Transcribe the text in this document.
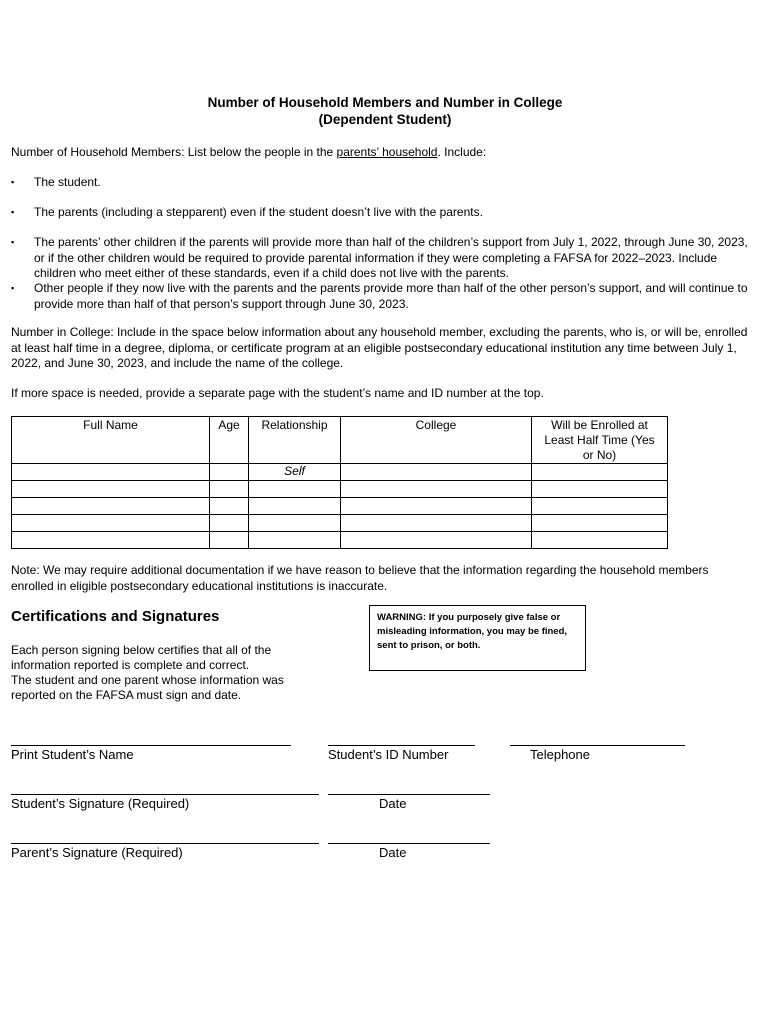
Number of Household Members and Number in College
(Dependent Student)
Number of Household Members: List below the people in the parents’ household. Include:
▪ The student.
▪ The parents (including a stepparent) even if the student doesn’t live with the parents.
▪ The parents’ other children if the parents will provide more than half of the children’s support from July 1, 2022, through June 30, 2023, or if the other children would be required to provide parental information if they were completing a FAFSA for 2022–2023. Include children who meet either of these standards, even if a child does not live with the parents.
▪ Other people if they now live with the parents and the parents provide more than half of the other person’s support, and will continue to provide more than half of that person’s support through June 30, 2023.
Number in College: Include in the space below information about any household member, excluding the parents, who is, or will be, enrolled at least half time in a degree, diploma, or certificate program at an eligible postsecondary educational institution any time between July 1, 2022, and June 30, 2023, and include the name of the college.
If more space is needed, provide a separate page with the student’s name and ID number at the top.
Full Name	Age	Relationship	College	Will be Enrolled at Least Half Time (Yes or No)
		Self		

Note: We may require additional documentation if we have reason to believe that the information regarding the household members enrolled in eligible postsecondary educational institutions is inaccurate.
Certifications and Signatures	WARNING: If you purposely give false or misleading information, you may be fined, sent to prison, or both.
Each person signing below certifies that all of the information reported is complete and correct.
The student and one parent whose information was reported on the FAFSA must sign and date.
Print Student’s Name	Student’s ID Number	Telephone
Student’s Signature (Required)	Date
Parent’s Signature (Required)	Date
